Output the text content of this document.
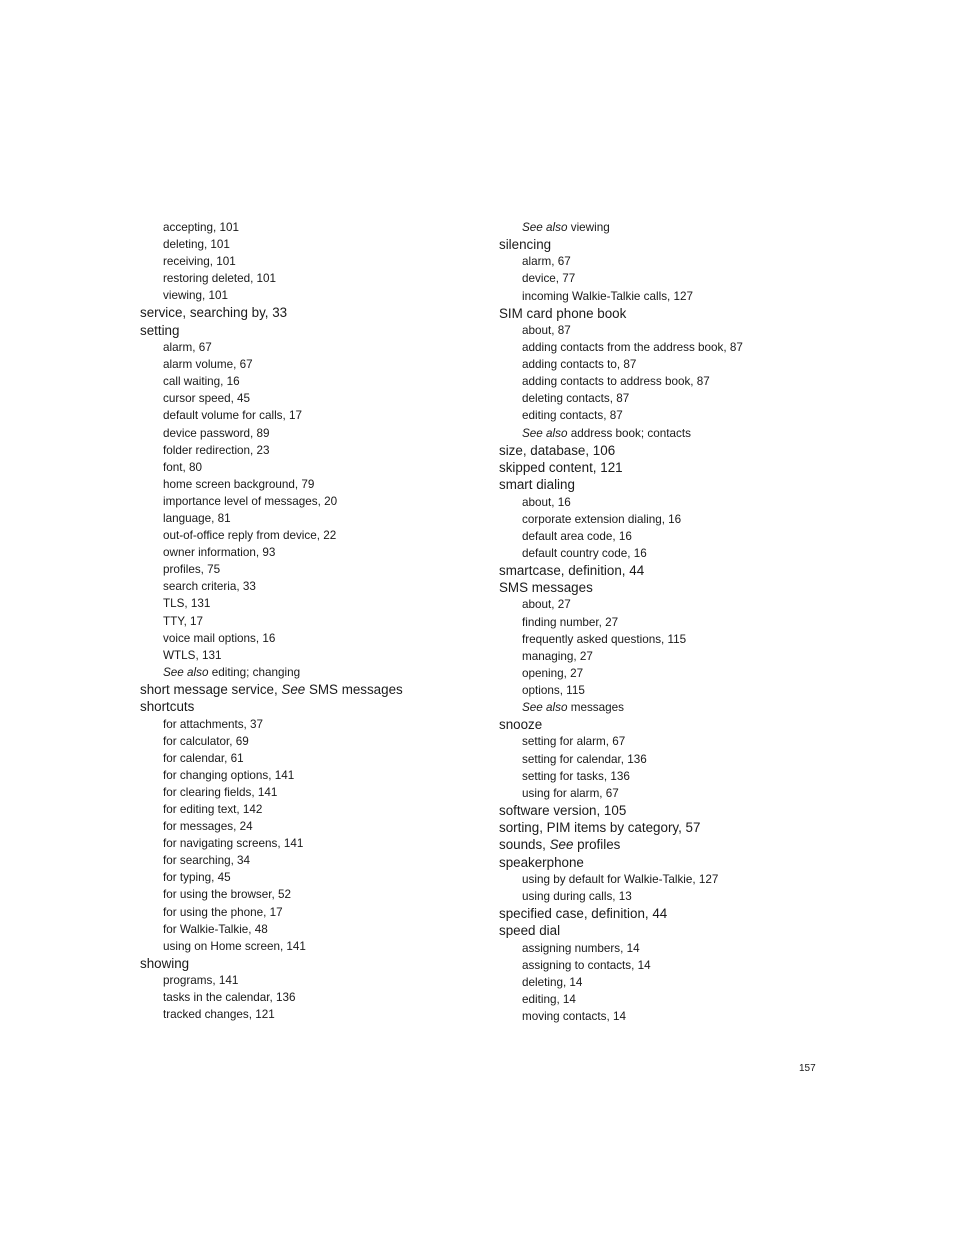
accepting, 101

deleting, 101

receiving, 101

restoring deleted, 101

viewing, 101

service, searching by, 33

setting

alarm, 67

alarm volume, 67

call waiting, 16

cursor speed, 45

default volume for calls, 17

device password, 89

folder redirection, 23

font, 80

home screen background, 79

importance level of messages, 20

language, 81

out-of-office reply from device, 22

owner information, 93

profiles, 75

search criteria, 33

TLS, 131

TTY, 17

voice mail options, 16

WTLS, 131

See also editing; changing

short message service, See SMS messages

shortcuts

for attachments, 37

for calculator, 69

for calendar, 61

for changing options, 141

for clearing fields, 141

for editing text, 142

for messages, 24

for navigating screens, 141

for searching, 34

for typing, 45

for using the browser, 52

for using the phone, 17

for Walkie-Talkie, 48

using on Home screen, 141

showing

programs, 141

tasks in the calendar, 136

tracked changes, 121

See also viewing

silencing

alarm, 67

device, 77

incoming Walkie-Talkie calls, 127

SIM card phone book

about, 87

adding contacts from the address book, 87

adding contacts to, 87

adding contacts to address book, 87

deleting contacts, 87

editing contacts, 87

See also address book; contacts

size, database, 106

skipped content, 121

smart dialing

about, 16

corporate extension dialing, 16

default area code, 16

default country code, 16

smartcase, definition, 44

SMS messages

about, 27

finding number, 27

frequently asked questions, 115

managing, 27

opening, 27

options, 115

See also messages

snooze

setting for alarm, 67

setting for calendar, 136

setting for tasks, 136

using for alarm, 67

software version, 105

sorting, PIM items by category, 57

sounds, See profiles

speakerphone

using by default for Walkie-Talkie, 127

using during calls, 13

specified case, definition, 44

speed dial

assigning numbers, 14

assigning to contacts, 14

deleting, 14

editing, 14

moving contacts, 14

157
